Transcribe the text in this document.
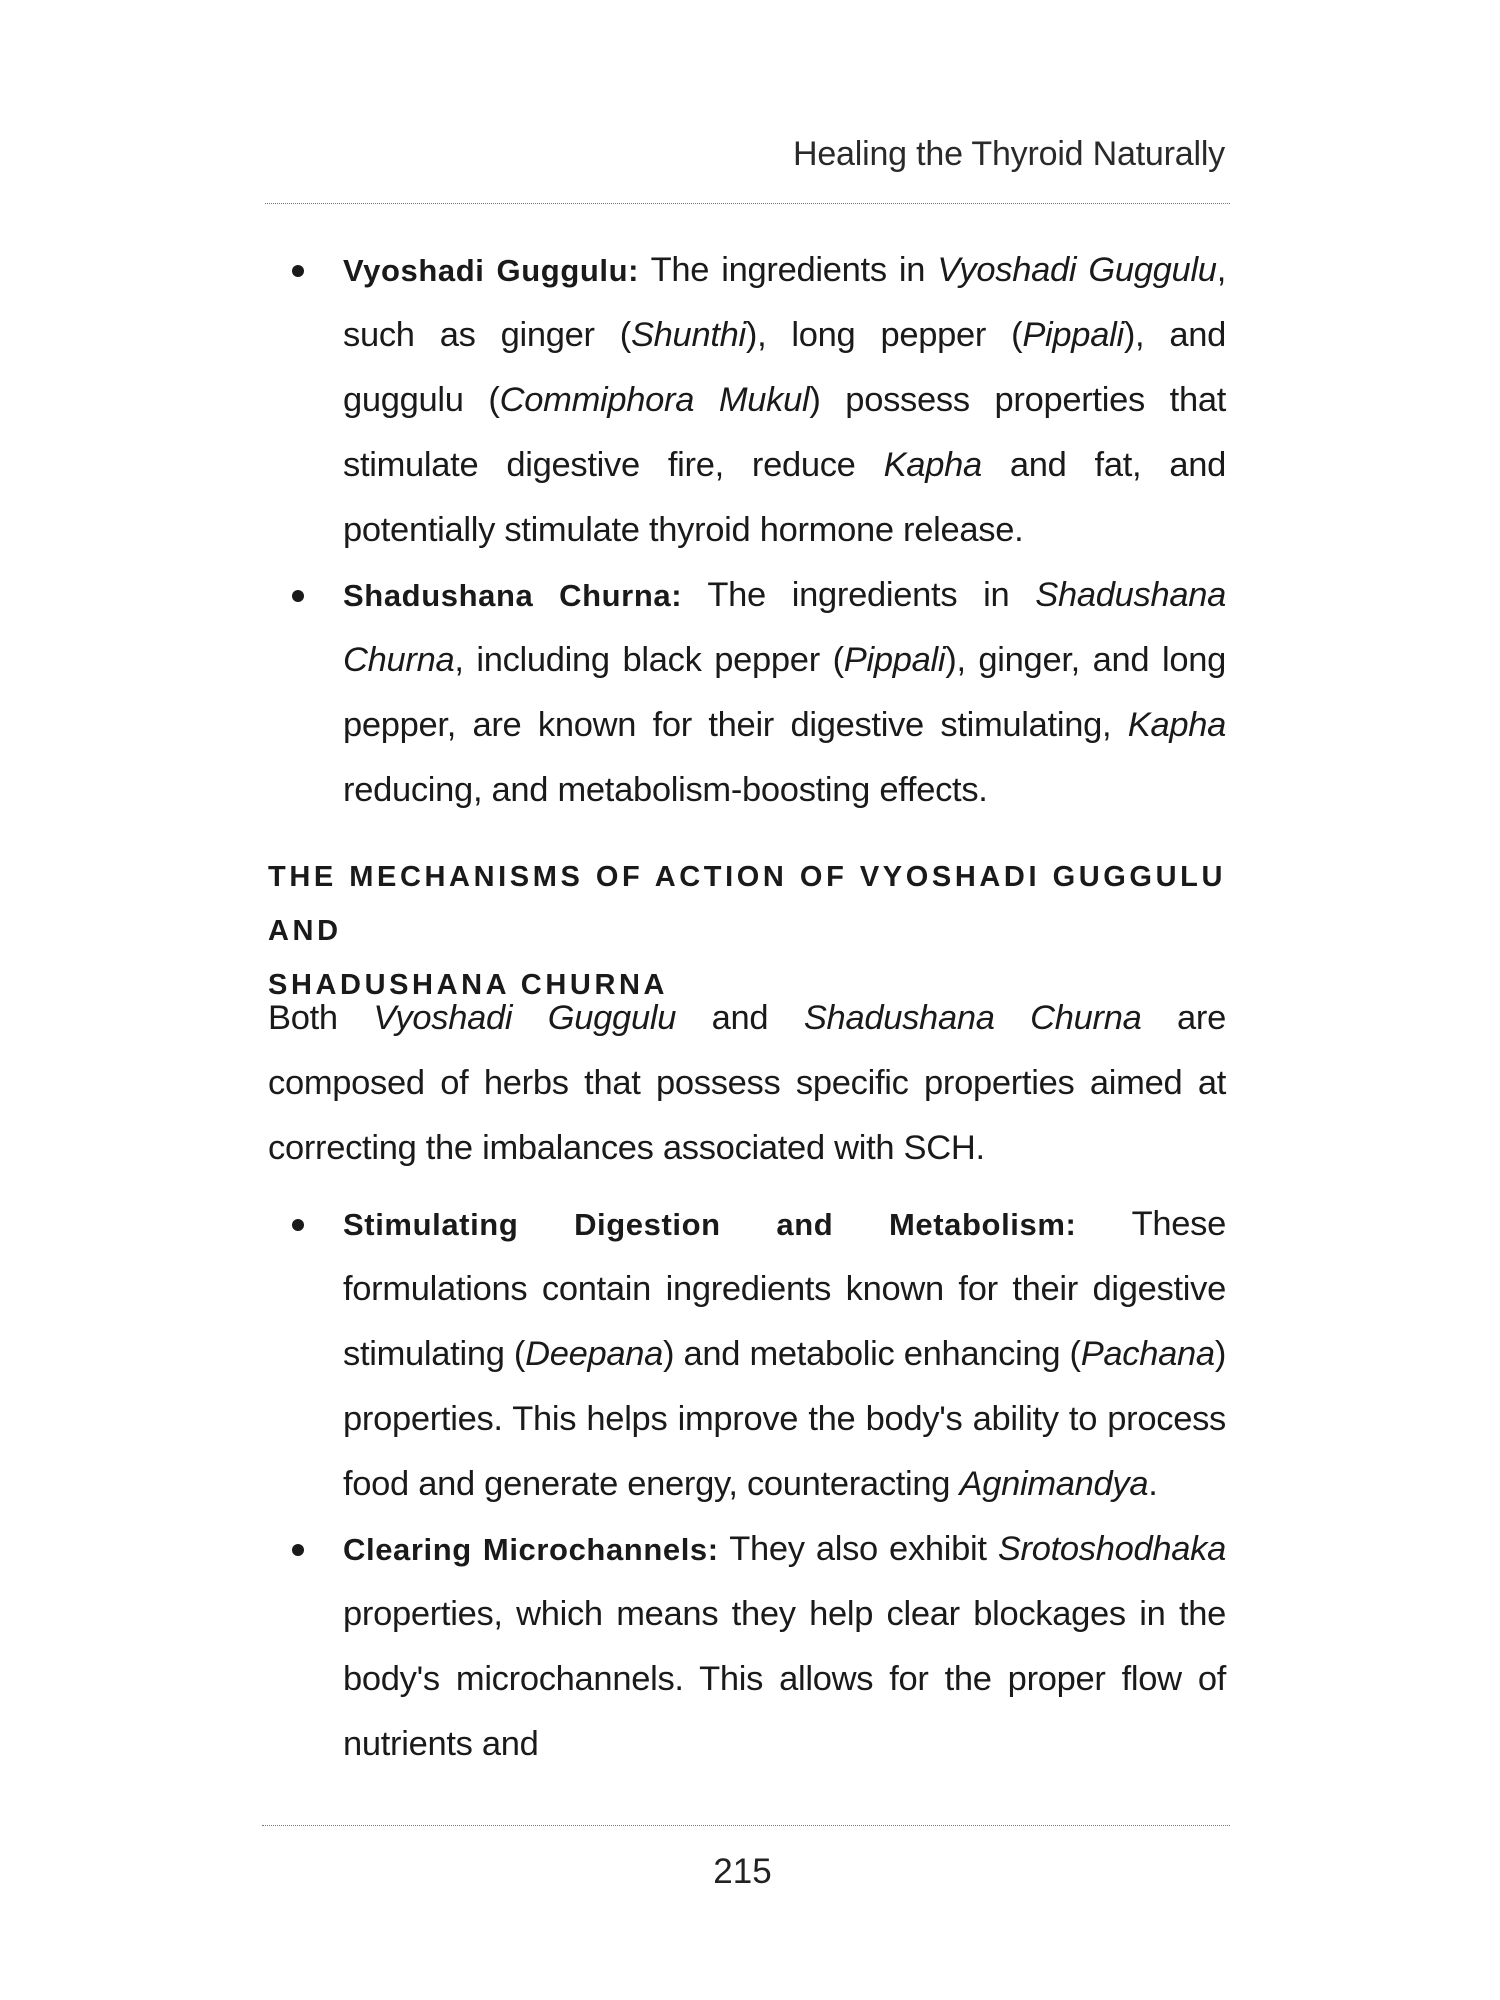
Healing the Thyroid Naturally
Vyoshadi Guggulu: The ingredients in Vyoshadi Guggulu, such as ginger (Shunthi), long pepper (Pippali), and guggulu (Commiphora Mukul) possess properties that stimulate digestive fire, reduce Kapha and fat, and potentially stimulate thyroid hormone release.
Shadushana Churna: The ingredients in Shadushana Churna, including black pepper (Pippali), ginger, and long pepper, are known for their digestive stimulating, Kapha reducing, and metabolism-boosting effects.
THE MECHANISMS OF ACTION OF VYOSHADI GUGGULU AND
SHADUSHANA CHURNA
Both Vyoshadi Guggulu and Shadushana Churna are composed of herbs that possess specific properties aimed at correcting the imbalances associated with SCH.
Stimulating Digestion and Metabolism: These formulations contain ingredients known for their digestive stimulating (Deepana) and metabolic enhancing (Pachana) properties. This helps improve the body's ability to process food and generate energy, counteracting Agnimandya.
Clearing Microchannels: They also exhibit Srotoshodhaka properties, which means they help clear blockages in the body's microchannels. This allows for the proper flow of nutrients and
215
